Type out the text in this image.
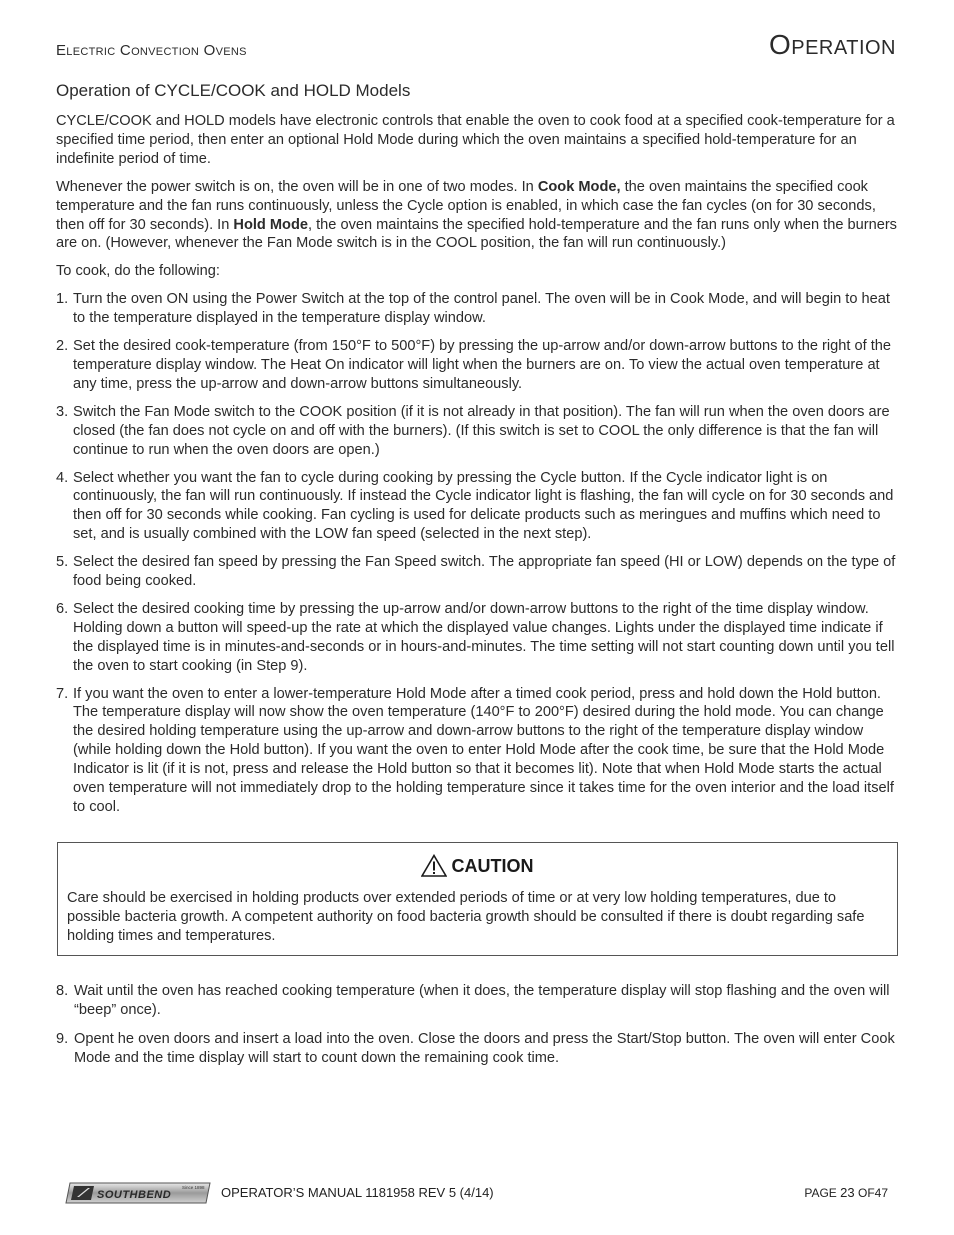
Electric Convection Ovens	Operation
Operation of CYCLE/COOK and HOLD Models

CYCLE/COOK and HOLD models have electronic controls that enable the oven to cook food at a specified cook-temperature for a specified time period, then enter an optional Hold Mode during which the oven maintains a specified hold-temperature for an indefinite period of time.

Whenever the power switch is on, the oven will be in one of two modes. In Cook Mode, the oven maintains the specified cook temperature and the fan runs continuously, unless the Cycle option is enabled, in which case the fan cycles (on for 30 seconds, then off for 30 seconds). In Hold Mode, the oven maintains the specified hold-temperature and the fan runs only when the burners are on. (However, whenever the Fan Mode switch is in the COOL position, the fan will run continuously.)

To cook, do the following:

1. Turn the oven ON using the Power Switch at the top of the control panel. The oven will be in Cook Mode, and will begin to heat to the temperature displayed in the temperature display window.
2. Set the desired cook-temperature (from 150°F to 500°F) by pressing the up-arrow and/or down-arrow buttons to the right of the temperature display window. The Heat On indicator will light when the burners are on. To view the actual oven temperature at any time, press the up-arrow and down-arrow buttons simultaneously.
3. Switch the Fan Mode switch to the COOK position (if it is not already in that position). The fan will run when the oven doors are closed (the fan does not cycle on and off with the burners). (If this switch is set to COOL the only difference is that the fan will continue to run when the oven doors are open.)
4. Select whether you want the fan to cycle during cooking by pressing the Cycle button. If the Cycle indicator light is on continuously, the fan will run continuously. If instead the Cycle indicator light is flashing, the fan will cycle on for 30 seconds and then off for 30 seconds while cooking. Fan cycling is used for delicate products such as meringues and muffins which need to set, and is usually combined with the LOW fan speed (selected in the next step).
5. Select the desired fan speed by pressing the Fan Speed switch. The appropriate fan speed (HI or LOW) depends on the type of food being cooked.
6. Select the desired cooking time by pressing the up-arrow and/or down-arrow buttons to the right of the time display window. Holding down a button will speed-up the rate at which the displayed value changes. Lights under the displayed time indicate if the displayed time is in minutes-and-seconds or in hours-and-minutes. The time setting will not start counting down until you tell the oven to start cooking (in Step 9).
7. If you want the oven to enter a lower-temperature Hold Mode after a timed cook period, press and hold down the Hold button. The temperature display will now show the oven temperature (140°F to 200°F) desired during the hold mode. You can change the desired holding temperature using the up-arrow and down-arrow buttons to the right of the temperature display window (while holding down the Hold button). If you want the oven to enter Hold Mode after the cook time, be sure that the Hold Mode Indicator is lit (if it is not, press and release the Hold button so that it becomes lit). Note that when Hold Mode starts the actual oven temperature will not immediately drop to the holding temperature since it takes time for the oven interior and the load itself to cool.
CAUTION
Care should be exercised in holding products over extended periods of time or at very low holding temperatures, due to possible bacteria growth. A competent authority on food bacteria growth should be consulted if there is doubt regarding safe holding times and temperatures.
8. Wait until the oven has reached cooking temperature (when it does, the temperature display will stop flashing and the oven will “beep” once).
9. Opent he oven doors and insert a load into the oven. Close the doors and press the Start/Stop button. The oven will enter Cook Mode and the time display will start to count down the remaining cook time.
SOUTHBEND
Since 1898 OPERATOR’S MANUAL 1181958 REV 5 (4/14)	PAGE 23 OF47
